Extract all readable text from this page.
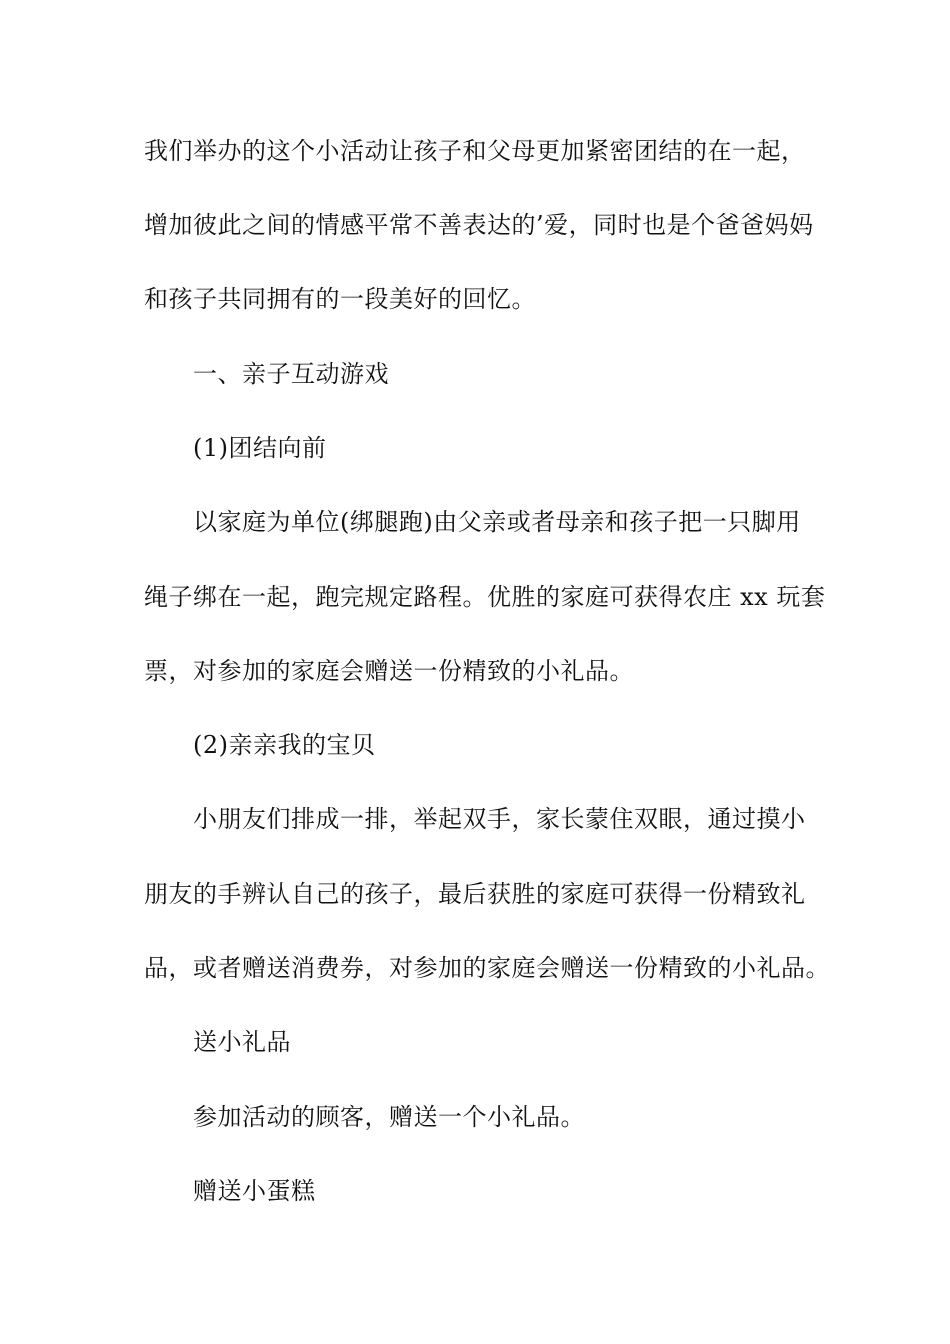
我们举办的这个小活动让孩子和父母更加紧密团结的在一起，
增加彼此之间的情感平常不善表达的’爱，同时也是个爸爸妈妈
和孩子共同拥有的一段美好的回忆。
一、亲子互动游戏
(1)团结向前
以家庭为单位(绑腿跑)由父亲或者母亲和孩子把一只脚用
绳子绑在一起，跑完规定路程。优胜的家庭可获得农庄 xx 玩套
票，对参加的家庭会赠送一份精致的小礼品。
(2)亲亲我的宝贝
小朋友们排成一排，举起双手，家长蒙住双眼，通过摸小
朋友的手辨认自己的孩子，最后获胜的家庭可获得一份精致礼
品，或者赠送消费券，对参加的家庭会赠送一份精致的小礼品。
送小礼品
参加活动的顾客，赠送一个小礼品。
赠送小蛋糕
